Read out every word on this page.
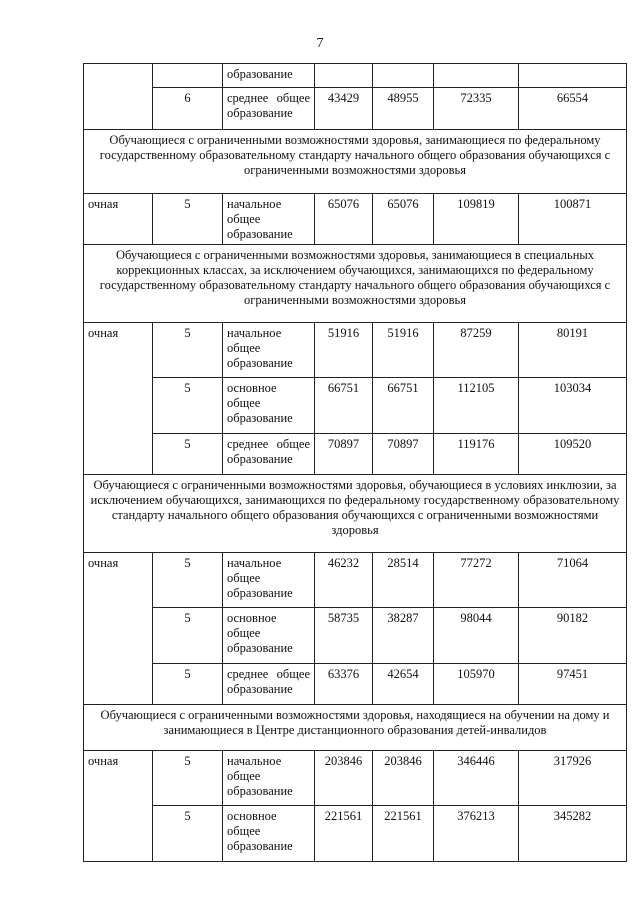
7
		образование				
	6	среднее общее образование	43429	48955	72335	66554
Обучающиеся с ограниченными возможностями здоровья, занимающиеся по федеральному государственному образовательному стандарту начального общего образования обучающихся с ограниченными возможностями здоровья						
очная	5	начальное общее образование	65076	65076	109819	100871
Обучающиеся с ограниченными возможностями здоровья, занимающиеся в специальных коррекционных классах, за исключением обучающихся, занимающихся по федеральному государственному образовательному стандарту начального общего образования обучающихся с ограниченными возможностями здоровья						
очная	5	начальное общее образование	51916	51916	87259	80191
	5	основное общее образование	66751	66751	112105	103034
	5	среднее общее образование	70897	70897	119176	109520
Обучающиеся с ограниченными возможностями здоровья, обучающиеся в условиях инклюзии, за исключением обучающихся, занимающихся по федеральному государственному образовательному стандарту начального общего образования обучающихся с ограниченными возможностями здоровья						
очная	5	начальное общее образование	46232	28514	77272	71064
	5	основное общее образование	58735	38287	98044	90182
	5	среднее общее образование	63376	42654	105970	97451
Обучающиеся с ограниченными возможностями здоровья, находящиеся на обучении на дому и занимающиеся в Центре дистанционного образования детей-инвалидов						
очная	5	начальное общее образование	203846	203846	346446	317926
	5	основное общее образование	221561	221561	376213	345282
